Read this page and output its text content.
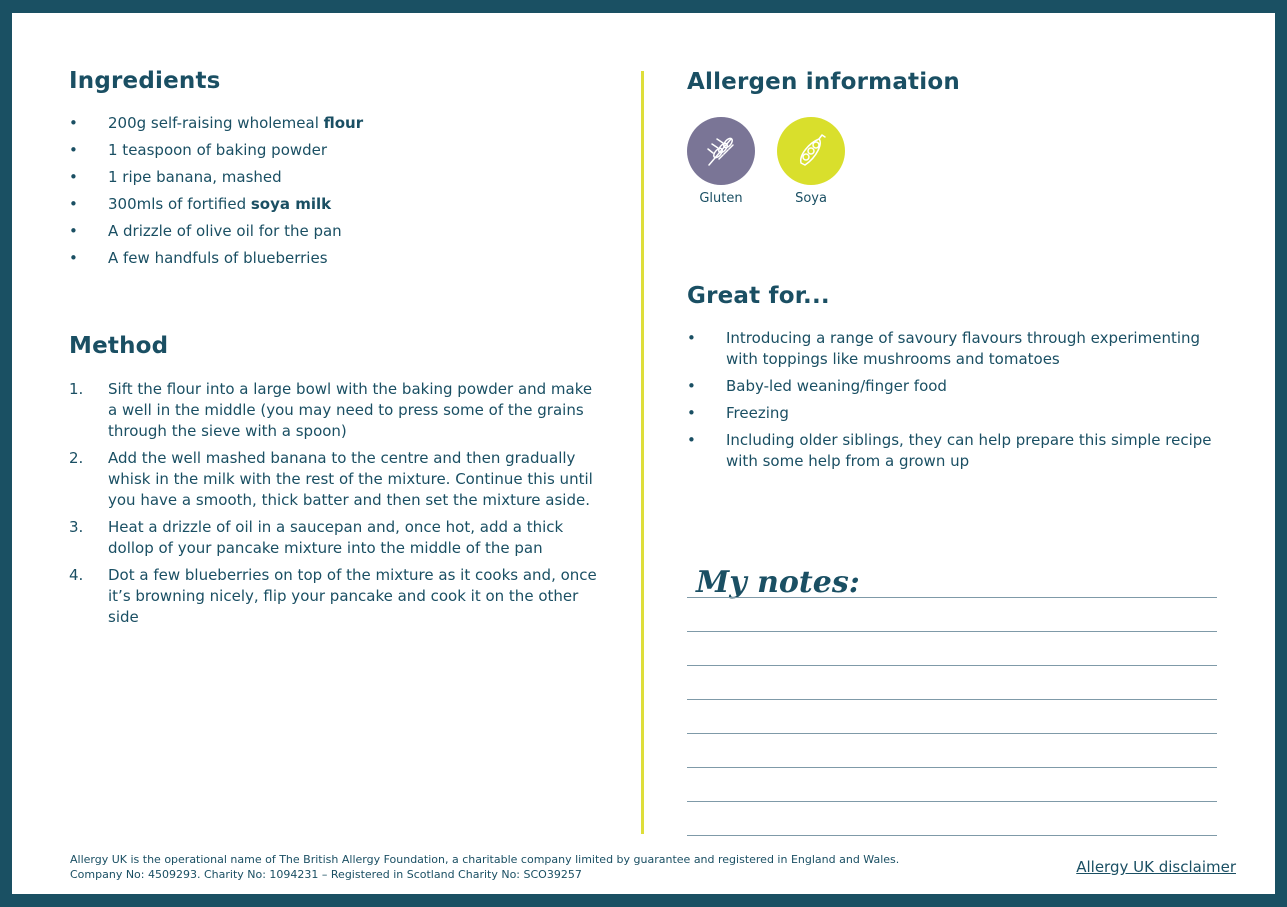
Ingredients
• 200g self-raising wholemeal flour
• 1 teaspoon of baking powder
• 1 ripe banana, mashed
• 300mls of fortified soya milk
• A drizzle of olive oil for the pan
• A few handfuls of blueberries
Method
1. Sift the flour into a large bowl with the baking powder and make a well in the middle (you may need to press some of the grains through the sieve with a spoon)
2. Add the well mashed banana to the centre and then gradually whisk in the milk with the rest of the mixture. Continue this until you have a smooth, thick batter and then set the mixture aside.
3. Heat a drizzle of oil in a saucepan and, once hot, add a thick dollop of your pancake mixture into the middle of the pan
4. Dot a few blueberries on top of the mixture as it cooks and, once it’s browning nicely, flip your pancake and cook it on the other side
Allergen information
Gluten	Soya
Great for...
• Introducing a range of savoury flavours through experimenting with toppings like mushrooms and tomatoes
• Baby-led weaning/finger food
• Freezing
• Including older siblings, they can help prepare this simple recipe with some help from a grown up
My notes:
Allergy UK is the operational name of The British Allergy Foundation, a charitable company limited by guarantee and registered in England and Wales.
Company No: 4509293. Charity No: 1094231 – Registered in Scotland Charity No: SCO39257	Allergy UK disclaimer
